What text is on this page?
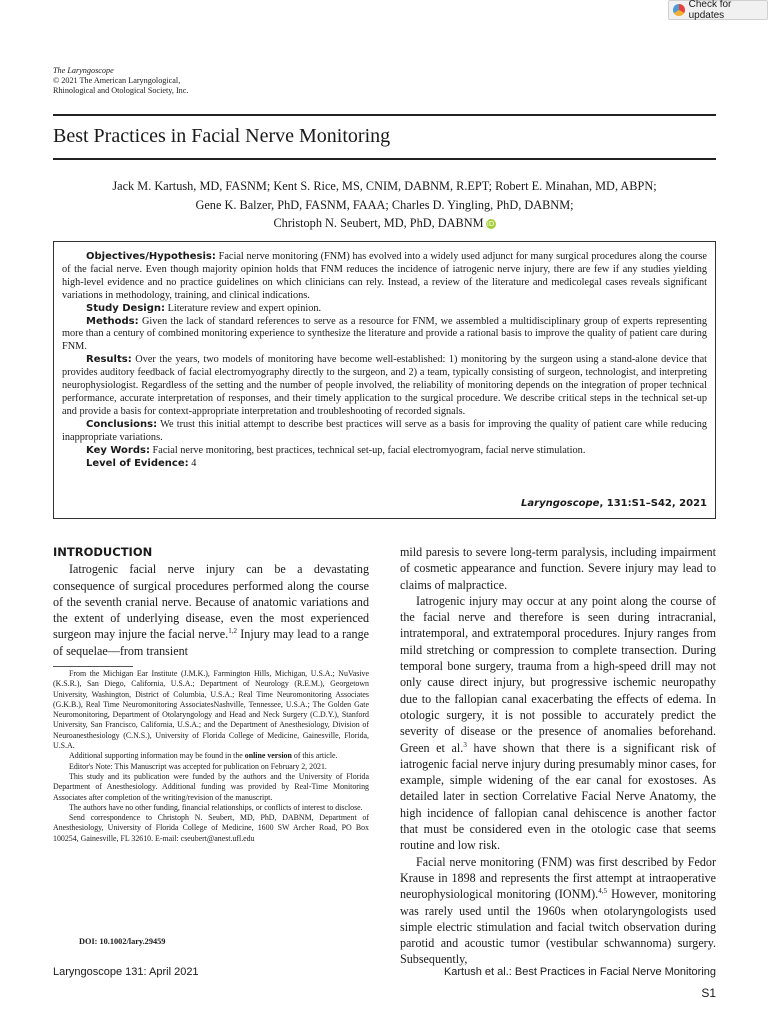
Check for updates
The Laryngoscope
© 2021 The American Laryngological,
Rhinological and Otological Society, Inc.
Best Practices in Facial Nerve Monitoring
Jack M. Kartush, MD, FASNM; Kent S. Rice, MS, CNIM, DABNM, R.EPT; Robert E. Minahan, MD, ABPN;
Gene K. Balzer, PhD, FASNM, FAAA; Charles D. Yingling, PhD, DABNM;
Christoph N. Seubert, MD, PhD, DABNM iD

Objectives/Hypothesis: Facial nerve monitoring (FNM) has evolved into a widely used adjunct for many surgical procedures along the course of the facial nerve. Even though majority opinion holds that FNM reduces the incidence of iatrogenic nerve injury, there are few if any studies yielding high-level evidence and no practice guidelines on which clinicians can rely. Instead, a review of the literature and medicolegal cases reveals significant variations in methodology, training, and clinical indications.

Study Design: Literature review and expert opinion.

Methods: Given the lack of standard references to serve as a resource for FNM, we assembled a multidisciplinary group of experts representing more than a century of combined monitoring experience to synthesize the literature and provide a rational basis to improve the quality of patient care during FNM.

Results: Over the years, two models of monitoring have become well-established: 1) monitoring by the surgeon using a stand-alone device that provides auditory feedback of facial electromyography directly to the surgeon, and 2) a team, typically consisting of surgeon, technologist, and interpreting neurophysiologist. Regardless of the setting and the number of people involved, the reliability of monitoring depends on the integration of proper technical performance, accurate interpretation of responses, and their timely application to the surgical procedure. We describe critical steps in the technical set-up and provide a basis for context-appropriate interpretation and troubleshooting of recorded signals.

Conclusions: We trust this initial attempt to describe best practices will serve as a basis for improving the quality of patient care while reducing inappropriate variations.

Key Words: Facial nerve monitoring, best practices, technical set-up, facial electromyogram, facial nerve stimulation.

Level of Evidence: 4

Laryngoscope, 131:S1–S42, 2021
INTRODUCTION

Iatrogenic facial nerve injury can be a devastating consequence of surgical procedures performed along the course of the seventh cranial nerve. Because of anatomic variations and the extent of underlying disease, even the most experienced surgeon may injure the facial nerve.$^{1,2}$ Injury may lead to a range of sequelae—from transient

From the Michigan Ear Institute (J.M.K.), Farmington Hills, Michigan, U.S.A.; NuVasive (K.S.R.), San Diego, California, U.S.A.; Department of Neurology (R.E.M.), Georgetown University, Washington, District of Columbia, U.S.A.; Real Time Neuromonitoring Associates (G.K.B.), Real Time Neuromonitoring AssociatesNashville, Tennessee, U.S.A.; The Golden Gate Neuromonitoring, Department of Otolaryngology and Head and Neck Surgery (C.D.Y.), Stanford University, San Francisco, California, U.S.A.; and the Department of Anesthesiology, Division of Neuroanesthesiology (C.N.S.), University of Florida College of Medicine, Gainesville, Florida, U.S.A.

Additional supporting information may be found in the online version of this article.

Editor's Note: This Manuscript was accepted for publication on February 2, 2021.

This study and its publication were funded by the authors and the University of Florida Department of Anesthesiology. Additional funding was provided by Real-Time Monitoring Associates after completion of the writing/revision of the manuscript.

The authors have no other funding, financial relationships, or conflicts of interest to disclose.

Send correspondence to Christoph N. Seubert, MD, PhD, DABNM, Department of Anesthesiology, University of Florida College of Medicine, 1600 SW Archer Road, PO Box 100254, Gainesville, FL 32610. E-mail: cseubert@anest.ufl.edu

DOI: 10.1002/lary.29459

mild paresis to severe long-term paralysis, including impairment of cosmetic appearance and function. Severe injury may lead to claims of malpractice.

Iatrogenic injury may occur at any point along the course of the facial nerve and therefore is seen during intracranial, intratemporal, and extratemporal procedures. Injury ranges from mild stretching or compression to complete transection. During temporal bone surgery, trauma from a high-speed drill may not only cause direct injury, but progressive ischemic neuropathy due to the fallopian canal exacerbating the effects of edema. In otologic surgery, it is not possible to accurately predict the severity of disease or the presence of anomalies beforehand. Green et al.$^3$ have shown that there is a significant risk of iatrogenic facial nerve injury during presumably minor cases, for example, simple widening of the ear canal for exostoses. As detailed later in section Correlative Facial Nerve Anatomy, the high incidence of fallopian canal dehiscence is another factor that must be considered even in the otologic case that seems routine and low risk.

Facial nerve monitoring (FNM) was first described by Fedor Krause in 1898 and represents the first attempt at intraoperative neurophysiological monitoring (IONM).$^{4,5}$ However, monitoring was rarely used until the 1960s when otolaryngologists used simple electric stimulation and facial twitch observation during parotid and acoustic tumor (vestibular schwannoma) surgery. Subsequently,

Laryngoscope 131: April 2021	Kartush et al.: Best Practices in Facial Nerve Monitoring
S1
